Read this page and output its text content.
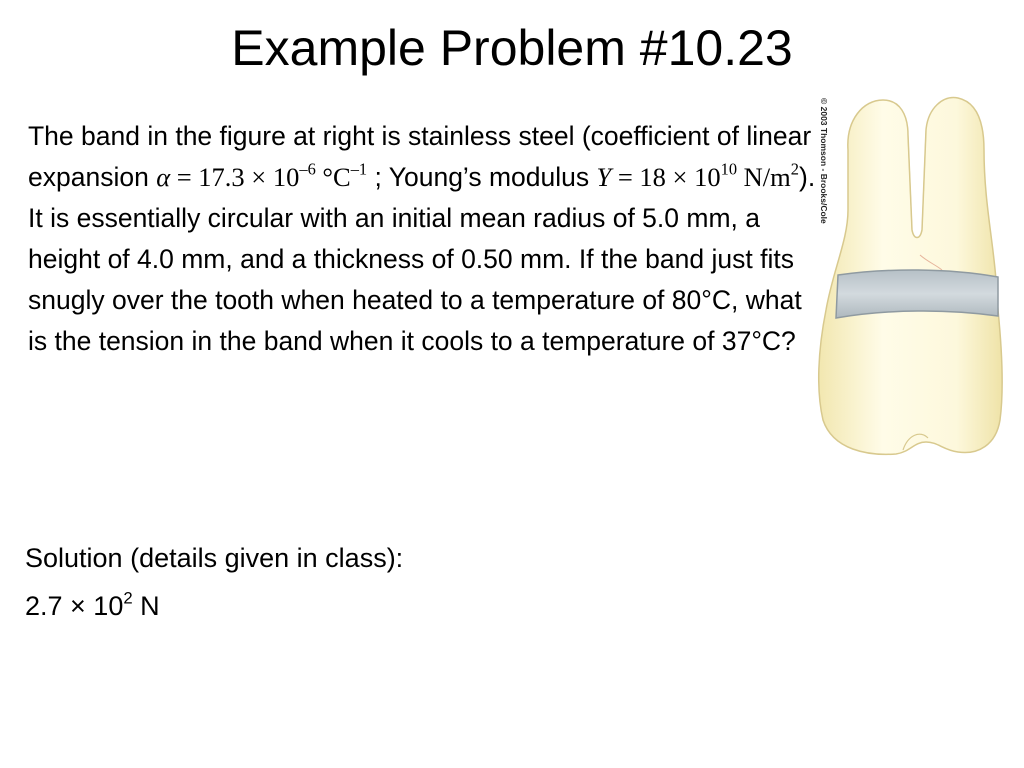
Example Problem #10.23

The band in the figure at right is stainless steel (coefficient of linear expansion $\alpha = 17.3 \times 10^{-6}$ $^\circ C^{-1}$ ; Young’s modulus $Y = 18 \times 10^{10}$ $N/m^2$). It is essentially circular with an initial mean radius of 5.0 mm, a height of 4.0 mm, and a thickness of 0.50 mm. If the band just fits snugly over the tooth when heated to a temperature of 80°C, what is the tension in the band when it cools to a temperature of 37°C?

Solution (details given in class):

$2.7 \times 10^2$ N

© 2003 Thomson - Brooks/Cole
